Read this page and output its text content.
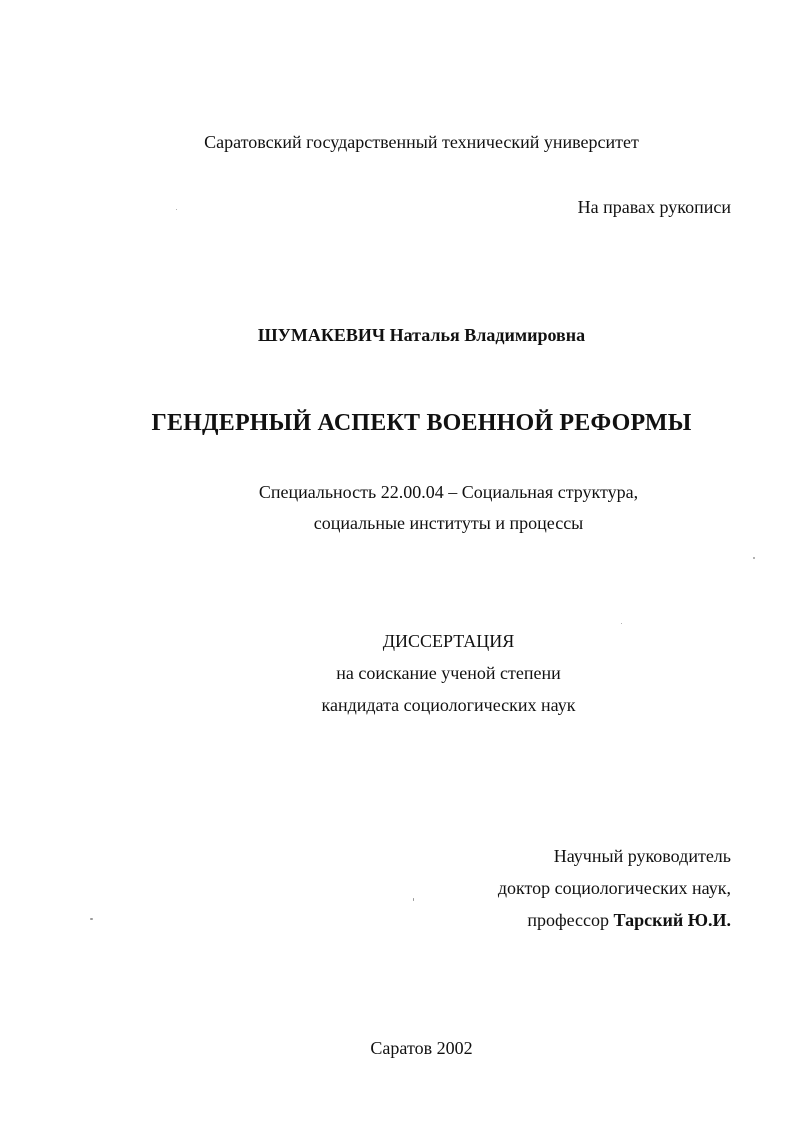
Саратовский государственный технический университет
На правах рукописи
ШУМАКЕВИЧ Наталья Владимировна
ГЕНДЕРНЫЙ АСПЕКТ ВОЕННОЙ РЕФОРМЫ
Специальность 22.00.04 – Социальная структура,
социальные институты и процессы
ДИССЕРТАЦИЯ
на соискание ученой степени
кандидата социологических наук
Научный руководитель
доктор социологических наук,
профессор Тарский Ю.И.
Саратов 2002
